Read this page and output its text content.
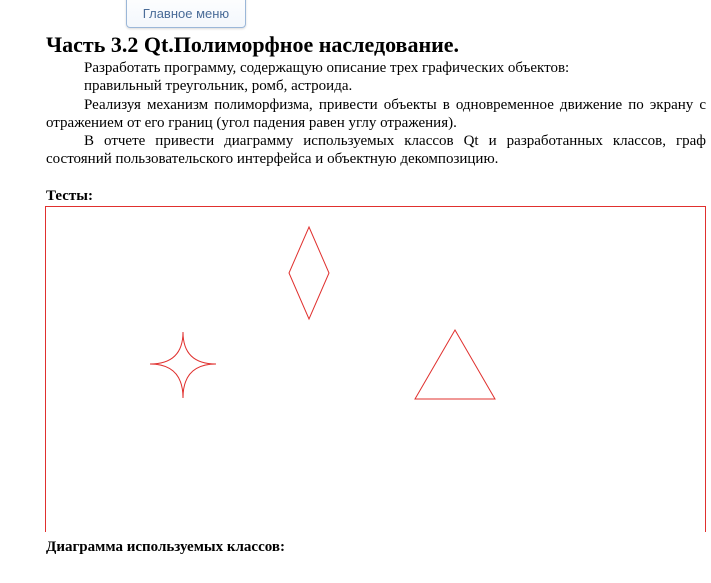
Главное меню
Часть 3.2 Qt.Полиморфное наследование.

Разработать программу, содержащую описание трех графических объектов:

правильный треугольник, ромб, астроида.

Реализуя механизм полиморфизма, привести объекты в одновременное движение по экрану с отражением от его границ (угол падения равен углу отражения).

В отчете привести диаграмму используемых классов Qt и разработанных классов, граф состояний пользовательского интерфейса и объектную декомпозицию.

Тесты:

Диаграмма используемых классов:
